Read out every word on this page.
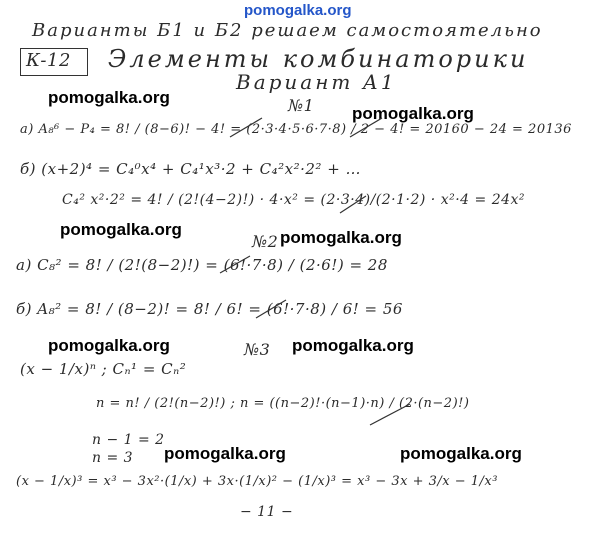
pomogalka.org
Варианты Б1 и Б2 решаем самостоятельно
К-12 Элементы комбинаторики
Вариант А1
№1
а) A₈⁶ − P₄ = 8! / (8−6)! − 4! = (2·3·4·5·6·7·8) / 2 − 4! = 20160 − 24 = 20136
б) (x+2)⁴ = C₄⁰x⁴ + C₄¹x³·2 + C₄²x²·2² + …
C₄² x²·2² = 4! / (2!(4−2)!) · 4·x² = (2·3·4)/(2·1·2) · x²·4 = 24x²
№2
а) C₈² = 8! / (2!(8−2)!) = (6!·7·8) / (2·6!) = 28
б) A₈² = 8! / (8−2)! = 8! / 6! = (6!·7·8) / 6! = 56
№3
(x − 1/x)ⁿ ; Cₙ¹ = Cₙ²
n = n! / (2!(n−2)!) ; n = ((n−2)!·(n−1)·n) / (2·(n−2)!)
n − 1 = 2
n = 3
(x − 1/x)³ = x³ − 3x²·(1/x) + 3x·(1/x)² − (1/x)³ = x³ − 3x + 3/x − 1/x³
− 11 −
pomogalka.org
pomogalka.org
pomogalka.org	pomogalka.org
pomogalka.org	pomogalka.org
pomogalka.org	pomogalka.org
